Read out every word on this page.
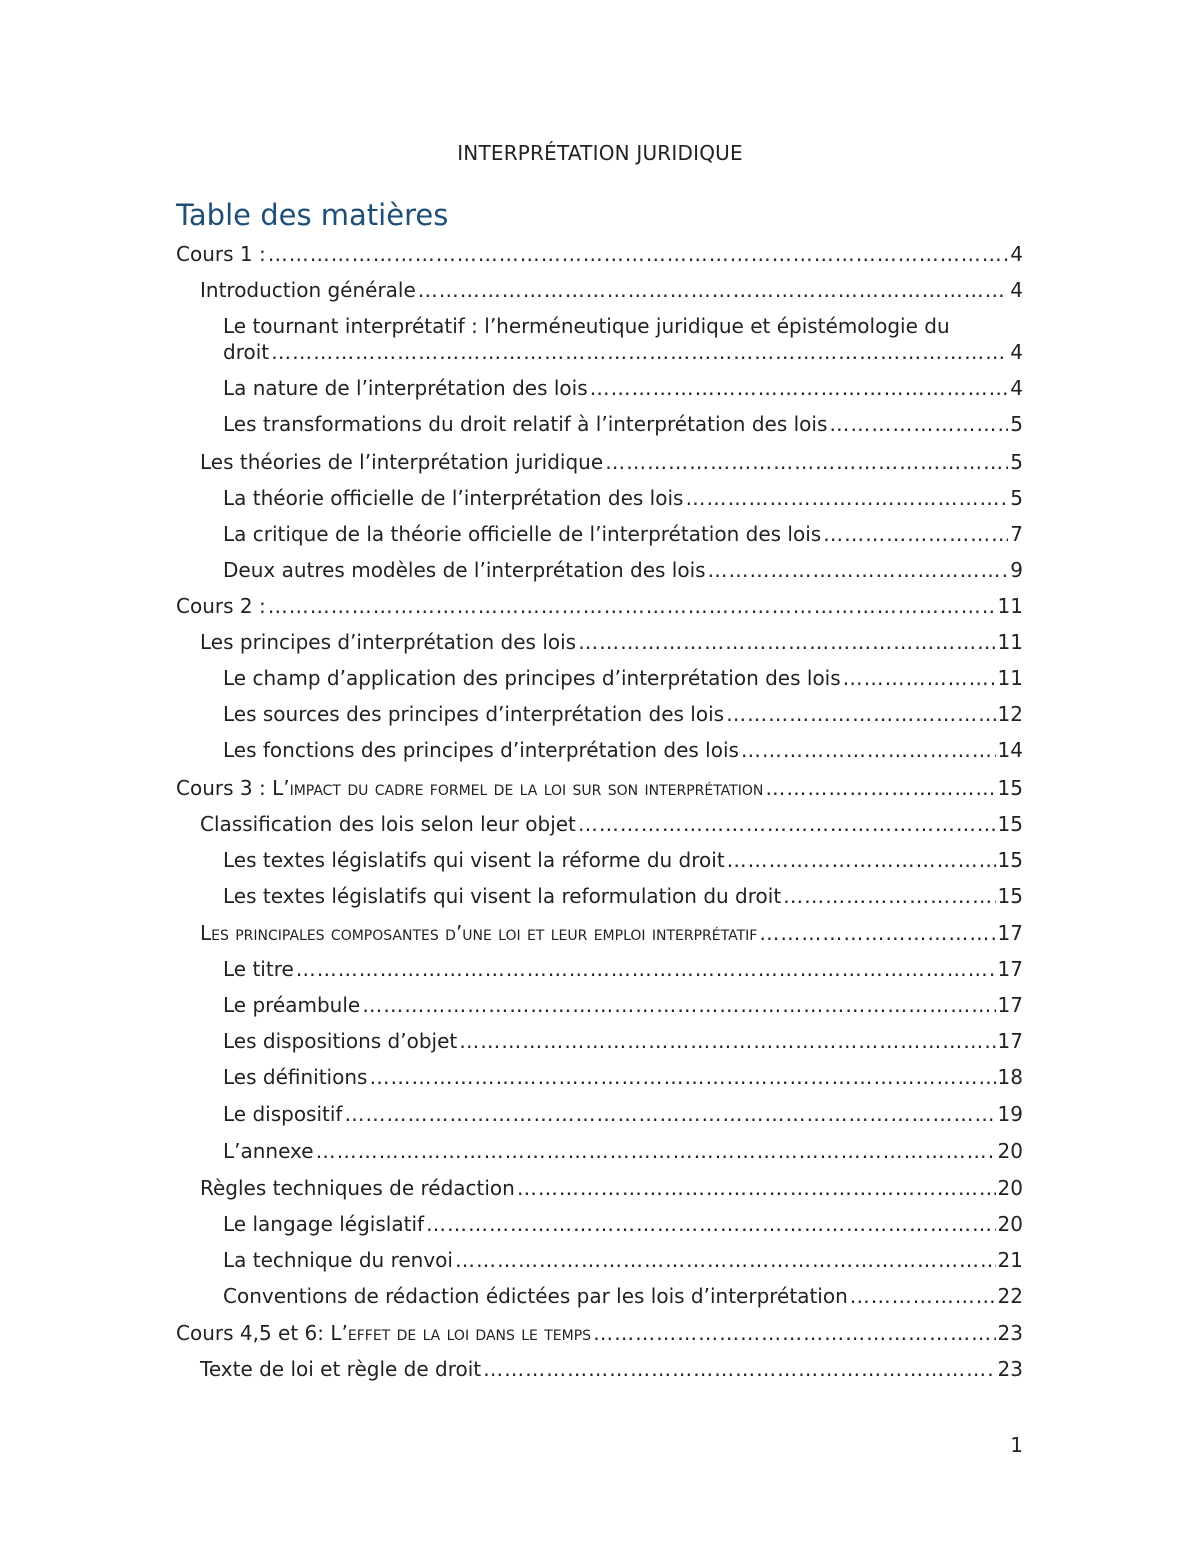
INTERPRÉTATION JURIDIQUE
Table des matières
Cours 1 : ………………………………………………………………………………………………………………………………………………………………………………………………………………	4
Introduction générale ………………………………………………………………………………………………………………………………………………………………………………………………………………	4
Le tournant interprétatif : l’herméneutique juridique et épistémologie du
droit ………………………………………………………………………………………………………………………………………………………………………………………………………………	4
La nature de l’interprétation des lois ………………………………………………………………………………………………………………………………………………………………………………………………………………	4
Les transformations du droit relatif à l’interprétation des lois ………………………………………………………………………………………………………………………………………………………………………………………………………………	5
Les théories de l’interprétation juridique ………………………………………………………………………………………………………………………………………………………………………………………………………………	5
La théorie officielle de l’interprétation des lois ………………………………………………………………………………………………………………………………………………………………………………………………………………	5
La critique de la théorie officielle de l’interprétation des lois ………………………………………………………………………………………………………………………………………………………………………………………………………………	7
Deux autres modèles de l’interprétation des lois ………………………………………………………………………………………………………………………………………………………………………………………………………………	9
Cours 2 : ………………………………………………………………………………………………………………………………………………………………………………………………………………	11
Les principes d’interprétation des lois ………………………………………………………………………………………………………………………………………………………………………………………………………………	11
Le champ d’application des principes d’interprétation des lois ………………………………………………………………………………………………………………………………………………………………………………………………………………	11
Les sources des principes d’interprétation des lois ………………………………………………………………………………………………………………………………………………………………………………………………………………	12
Les fonctions des principes d’interprétation des lois ………………………………………………………………………………………………………………………………………………………………………………………………………………	14
Cours 3 : L’impact du cadre formel de la loi sur son interprétation ………………………………………………………………………………………………………………………………………………………………………………………………………………	15
Classification des lois selon leur objet ………………………………………………………………………………………………………………………………………………………………………………………………………………	15
Les textes législatifs qui visent la réforme du droit ………………………………………………………………………………………………………………………………………………………………………………………………………………	15
Les textes législatifs qui visent la reformulation du droit ………………………………………………………………………………………………………………………………………………………………………………………………………………	15
Les principales composantes d’une loi et leur emploi interprétatif ………………………………………………………………………………………………………………………………………………………………………………………………………………	17
Le titre ………………………………………………………………………………………………………………………………………………………………………………………………………………	17
Le préambule ………………………………………………………………………………………………………………………………………………………………………………………………………………	17
Les dispositions d’objet ………………………………………………………………………………………………………………………………………………………………………………………………………………	17
Les définitions ………………………………………………………………………………………………………………………………………………………………………………………………………………	18
Le dispositif ………………………………………………………………………………………………………………………………………………………………………………………………………………	19
L’annexe ………………………………………………………………………………………………………………………………………………………………………………………………………………	20
Règles techniques de rédaction ………………………………………………………………………………………………………………………………………………………………………………………………………………	20
Le langage législatif ………………………………………………………………………………………………………………………………………………………………………………………………………………	20
La technique du renvoi ………………………………………………………………………………………………………………………………………………………………………………………………………………	21
Conventions de rédaction édictées par les lois d’interprétation ………………………………………………………………………………………………………………………………………………………………………………………………………………	22
Cours 4,5 et 6: L’effet de la loi dans le temps ………………………………………………………………………………………………………………………………………………………………………………………………………………	23
Texte de loi et règle de droit ………………………………………………………………………………………………………………………………………………………………………………………………………………	23
1
